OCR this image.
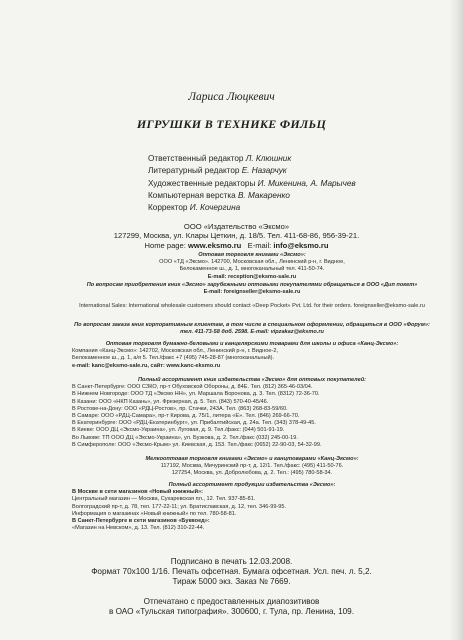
Лариса Люцкевич
ИГРУШКИ В ТЕХНИКЕ ФИЛЬЦ
Ответственный редактор Л. Клюшник
Литературный редактор Е. Назарчук
Художественные редакторы И. Микенина, А. Марычев
Компьютерная верстка В. Макаренко
Корректор И. Кочергина
ООО «Издательство «Эксмо»
127299, Москва, ул. Клары Цеткин, д. 18/5. Тел. 411-68-86, 956-39-21.
Home page: www.eksmo.ru E-mail: info@eksmo.ru
Оптовая торговля книгами «Эксмо»:
ООО «ТД «Эксмо». 142700, Московская обл., Ленинский р-н, г. Видное,
Белокаменное ш., д. 1, многоканальный тел. 411-50-74.
E-mail: reception@eksmo-sale.ru
По вопросам приобретения книг «Эксмо» зарубежными оптовыми покупателями обращаться в ООО «Дип покет»
E-mail: foreignseller@eksmo-sale.ru
International Sales: International wholesale customers should contact «Deep Pocket» Pvt. Ltd. for their orders. foreignseller@eksmo-sale.ru
По вопросам заказа книг корпоративным клиентам, в том числе в специальном оформлении, обращаться в ООО «Форум»: тел. 411-73-58 доб. 2598. E-mail: vipzakaz@eksmo.ru
Оптовая торговля бумажно-беловыми и канцелярскими товарами для школы и офиса «Канц-Эксмо»:
Компания «Канц-Эксмо»: 142702, Московская обл., Ленинский р-н, г. Видное-2,
Белокаменное ш., д. 1, а/я 5. Тел./факс +7 (495) 745-28-87 (многоканальный).
e-mail: kanc@eksmo-sale.ru, сайт: www.kanc-eksmo.ru
Полный ассортимент книг издательства «Эксмо» для оптовых покупателей:
В Санкт-Петербурге: ООО СЗКО, пр-т Обуховской Обороны, д. 84Е. Тел. (812) 365-46-03/04.
В Нижнем Новгороде: ООО ТД «Эксмо НН», ул. Маршала Воронова, д. 3. Тел. (8312) 72-36-70.
В Казани: ООО «НКП Казань», ул. Фрезерная, д. 5. Тел. (843) 570-40-45/46.
В Ростове-на-Дону: ООО «РДЦ-Ростов», пр. Стачки, 243А. Тел. (863) 268-83-59/60.
В Самаре: ООО «РДЦ-Самара», пр-т Кирова, д. 75/1, литера «Е». Тел. (846) 269-66-70.
В Екатеринбурге: ООО «РДЦ-Екатеринбург», ул. Прибалтийская, д. 24а. Тел. (343) 378-49-45.
В Киеве: ООО ДЦ «Эксмо-Украина», ул. Луговая, д. 9. Тел./факс: (044) 501-91-19.
Во Львове: ТП ООО ДЦ «Эксмо-Украина», ул. Бузкова, д. 2. Тел./факс (032) 245-00-19.
В Симферополе: ООО «Эксмо-Крым» ул. Киевская, д. 153. Тел./факс (0652) 22-90-03, 54-32-99.
Мелкооптовая торговля книгами «Эксмо» и канцтоварами «Канц-Эксмо»:
117192, Москва, Мичуринский пр-т, д. 12/1. Тел./факс: (495) 411-50-76.
127254, Москва, ул. Добролюбова, д. 2. Тел.: (495) 780-58-34.
Полный ассортимент продукции издательства «Эксмо»:
В Москве в сети магазинов «Новый книжный»:
Центральный магазин — Москва, Сухаревская пл., 12. Тел. 937-85-81.
Волгоградский пр-т, д. 78, тел. 177-22-11; ул. Братиславская, д. 12, тел. 346-99-95.
Информация о магазинах «Новый книжный» по тел. 780-58-81.
В Санкт-Петербурге в сети магазинов «Буквоед»:
«Магазин на Невском», д. 13. Тел. (812) 310-22-44.
Подписано в печать 12.03.2008.
Формат 70x100 1/16. Печать офсетная. Бумага офсетная. Усл. печ. л. 5,2.
Тираж 5000 экз. Заказ № 7669.
Отпечатано с предоставленных диапозитивов
в ОАО «Тульская типография». 300600, г. Тула, пр. Ленина, 109.
